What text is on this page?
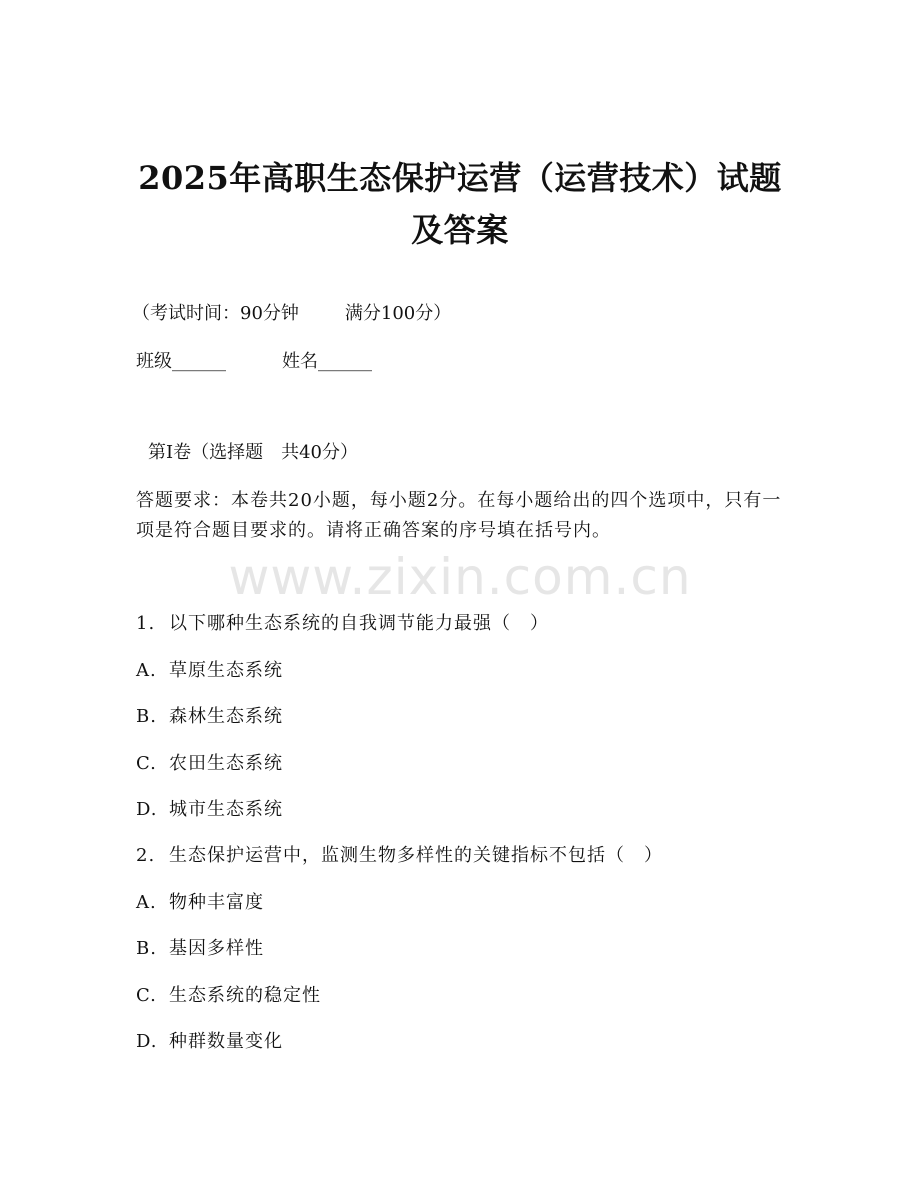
2025年高职生态保护运营（运营技术）试题
及答案
（考试时间：90分钟	满分100分）
班级______	姓名______
第Ⅰ卷（选择题　共40分）
答题要求：本卷共20小题，每小题2分。在每小题给出的四个选项中，只有一项是符合题目要求的。请将正确答案的序号填在括号内。
www.zixin.com.cn
1. 以下哪种生态系统的自我调节能力最强（　）
A. 草原生态系统
B. 森林生态系统
C. 农田生态系统
D. 城市生态系统
2. 生态保护运营中，监测生物多样性的关键指标不包括（　）
A. 物种丰富度
B. 基因多样性
C. 生态系统的稳定性
D. 种群数量变化
